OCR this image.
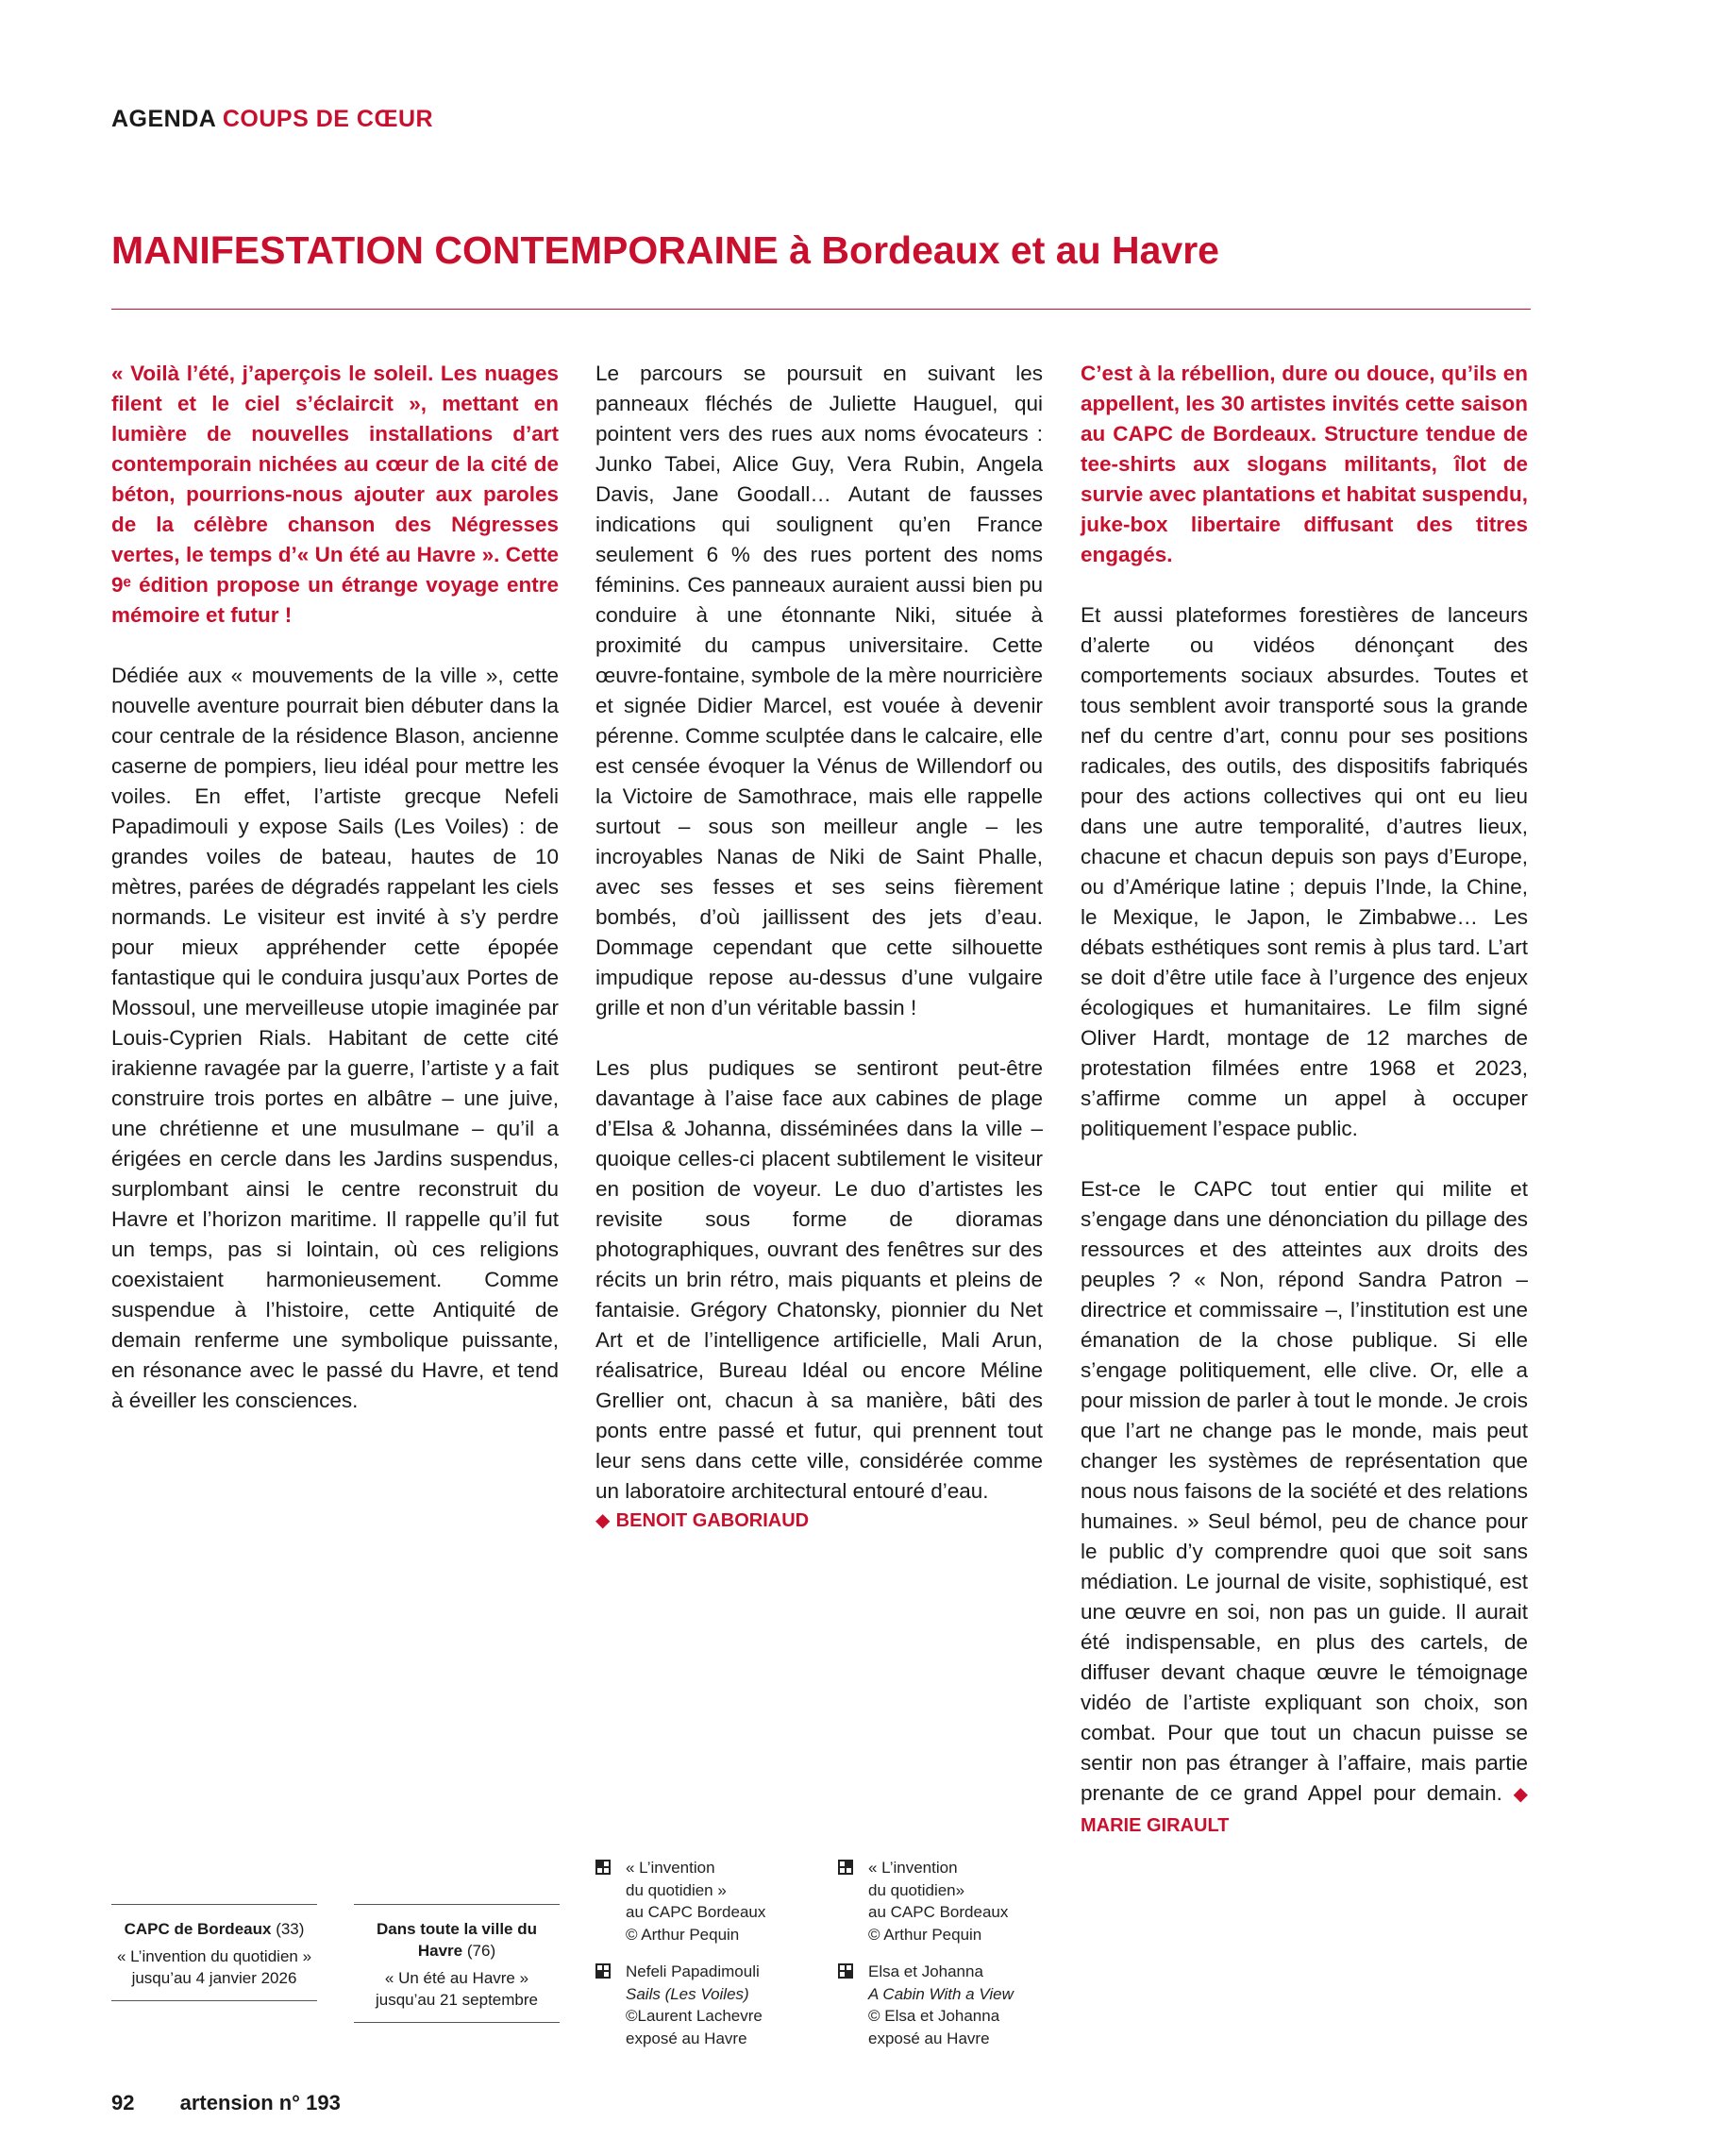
AGENDA COUPS DE CŒUR
MANIFESTATION CONTEMPORAINE à Bordeaux et au Havre

« Voilà l’été, j’aperçois le soleil. Les nuages filent et le ciel s’éclaircit », mettant en lumière de nouvelles installations d’art contemporain nichées au cœur de la cité de béton, pourrions-nous ajouter aux paroles de la célèbre chanson des Négresses vertes, le temps d’« Un été au Havre ». Cette 9ᵉ édition propose un étrange voyage entre mémoire et futur !

Dédiée aux « mouvements de la ville », cette nouvelle aventure pourrait bien débuter dans la cour centrale de la résidence Blason, ancienne caserne de pompiers, lieu idéal pour mettre les voiles. En effet, l’artiste grecque Nefeli Papadimouli y expose Sails (Les Voiles) : de grandes voiles de bateau, hautes de 10 mètres, parées de dégradés rappelant les ciels normands. Le visiteur est invité à s’y perdre pour mieux appréhender cette épopée fantastique qui le conduira jusqu’aux Portes de Mossoul, une merveilleuse utopie imaginée par Louis-Cyprien Rials. Habitant de cette cité irakienne ravagée par la guerre, l’artiste y a fait construire trois portes en albâtre – une juive, une chrétienne et une musulmane – qu’il a érigées en cercle dans les Jardins suspendus, surplombant ainsi le centre reconstruit du Havre et l’horizon maritime. Il rappelle qu’il fut un temps, pas si lointain, où ces religions coexistaient harmonieusement. Comme suspendue à l’histoire, cette Antiquité de demain renferme une symbolique puissante, en résonance avec le passé du Havre, et tend à éveiller les consciences.

Le parcours se poursuit en suivant les panneaux fléchés de Juliette Hauguel, qui pointent vers des rues aux noms évocateurs : Junko Tabei, Alice Guy, Vera Rubin, Angela Davis, Jane Goodall… Autant de fausses indications qui soulignent qu’en France seulement 6 % des rues portent des noms féminins. Ces panneaux auraient aussi bien pu conduire à une étonnante Niki, située à proximité du campus universitaire. Cette œuvre-fontaine, symbole de la mère nourricière et signée Didier Marcel, est vouée à devenir pérenne. Comme sculptée dans le calcaire, elle est censée évoquer la Vénus de Willendorf ou la Victoire de Samothrace, mais elle rappelle surtout – sous son meilleur angle – les incroyables Nanas de Niki de Saint Phalle, avec ses fesses et ses seins fièrement bombés, d’où jaillissent des jets d’eau. Dommage cependant que cette silhouette impudique repose au-dessus d’une vulgaire grille et non d’un véritable bassin !

Les plus pudiques se sentiront peut-être davantage à l’aise face aux cabines de plage d’Elsa & Johanna, disséminées dans la ville – quoique celles-ci placent subtilement le visiteur en position de voyeur. Le duo d’artistes les revisite sous forme de dioramas photographiques, ouvrant des fenêtres sur des récits un brin rétro, mais piquants et pleins de fantaisie. Grégory Chatonsky, pionnier du Net Art et de l’intelligence artificielle, Mali Arun, réalisatrice, Bureau Idéal ou encore Méline Grellier ont, chacun à sa manière, bâti des ponts entre passé et futur, qui prennent tout leur sens dans cette ville, considérée comme un laboratoire architectural entouré d’eau.

◆ BENOIT GABORIAUD

C’est à la rébellion, dure ou douce, qu’ils en appellent, les 30 artistes invités cette saison au CAPC de Bordeaux. Structure tendue de tee-shirts aux slogans militants, îlot de survie avec plantations et habitat suspendu, juke-box libertaire diffusant des titres engagés.

Et aussi plateformes forestières de lanceurs d’alerte ou vidéos dénonçant des comportements sociaux absurdes. Toutes et tous semblent avoir transporté sous la grande nef du centre d’art, connu pour ses positions radicales, des outils, des dispositifs fabriqués pour des actions collectives qui ont eu lieu dans une autre temporalité, d’autres lieux, chacune et chacun depuis son pays d’Europe, ou d’Amérique latine ; depuis l’Inde, la Chine, le Mexique, le Japon, le Zimbabwe… Les débats esthétiques sont remis à plus tard. L’art se doit d’être utile face à l’urgence des enjeux écologiques et humanitaires. Le film signé Oliver Hardt, montage de 12 marches de protestation filmées entre 1968 et 2023, s’affirme comme un appel à occuper politiquement l’espace public.

Est-ce le CAPC tout entier qui milite et s’engage dans une dénonciation du pillage des ressources et des atteintes aux droits des peuples ? « Non, répond Sandra Patron – directrice et commissaire –, l’institution est une émanation de la chose publique. Si elle s’engage politiquement, elle clive. Or, elle a pour mission de parler à tout le monde. Je crois que l’art ne change pas le monde, mais peut changer les systèmes de représentation que nous nous faisons de la société et des relations humaines. » Seul bémol, peu de chance pour le public d’y comprendre quoi que soit sans médiation. Le journal de visite, sophistiqué, est une œuvre en soi, non pas un guide. Il aurait été indispensable, en plus des cartels, de diffuser devant chaque œuvre le témoignage vidéo de l’artiste expliquant son choix, son combat. Pour que tout un chacun puisse se sentir non pas étranger à l’affaire, mais partie prenante de ce grand Appel pour demain. ◆ MARIE GIRAULT

CAPC de Bordeaux (33)
« L’invention du quotidien » jusqu’au 4 janvier 2026
Dans toute la ville du Havre (76)
« Un été au Havre » jusqu’au 21 septembre
« L’invention
du quotidien »
au CAPC Bordeaux
© Arthur Pequin
Nefeli Papadimouli
Sails (Les Voiles)
©Laurent Lachevre
exposé au Havre
« L’invention
du quotidien»
au CAPC Bordeaux
© Arthur Pequin
Elsa et Johanna
A Cabin With a View
© Elsa et Johanna
exposé au Havre
92 artension n° 193
